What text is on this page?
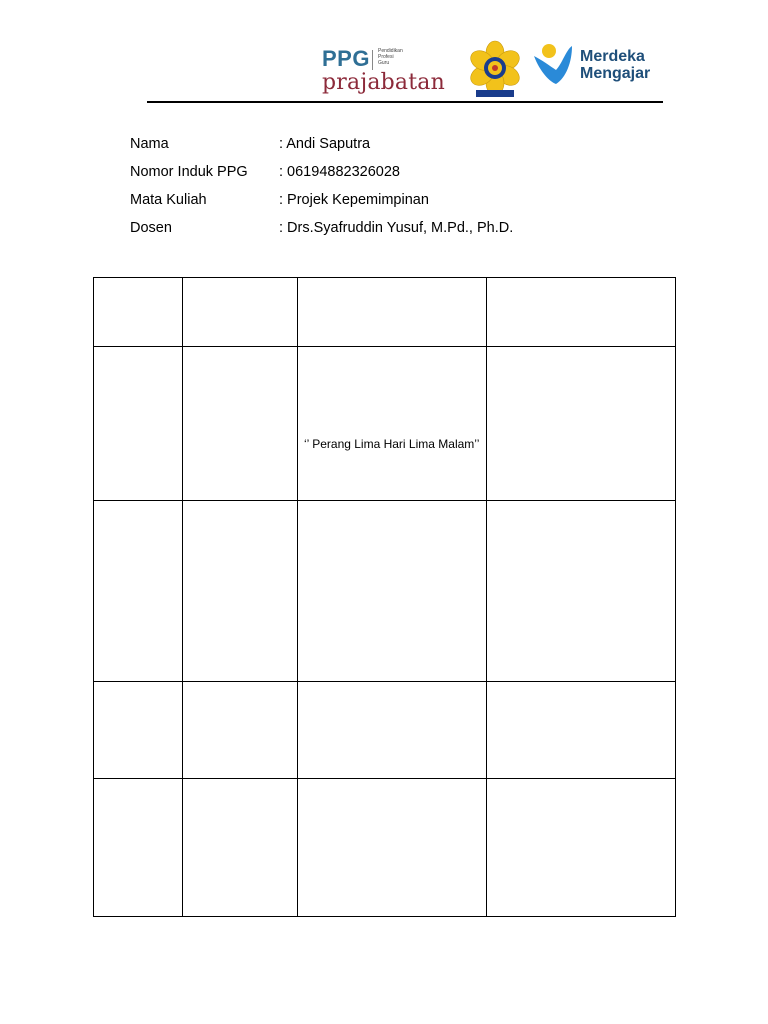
PPG Pendidikan
Profesi
Guru
prajabatan
Merdeka
Mengajar
Nama	: Andi Saputra
Nomor Induk PPG : 06194882326028
Mata Kuliah	: Projek Kepemimpinan
Dosen	: Drs.Syafruddin Yusuf, M.Pd., Ph.D.

		‘’ Perang Lima Hari Lima Malam’’	
